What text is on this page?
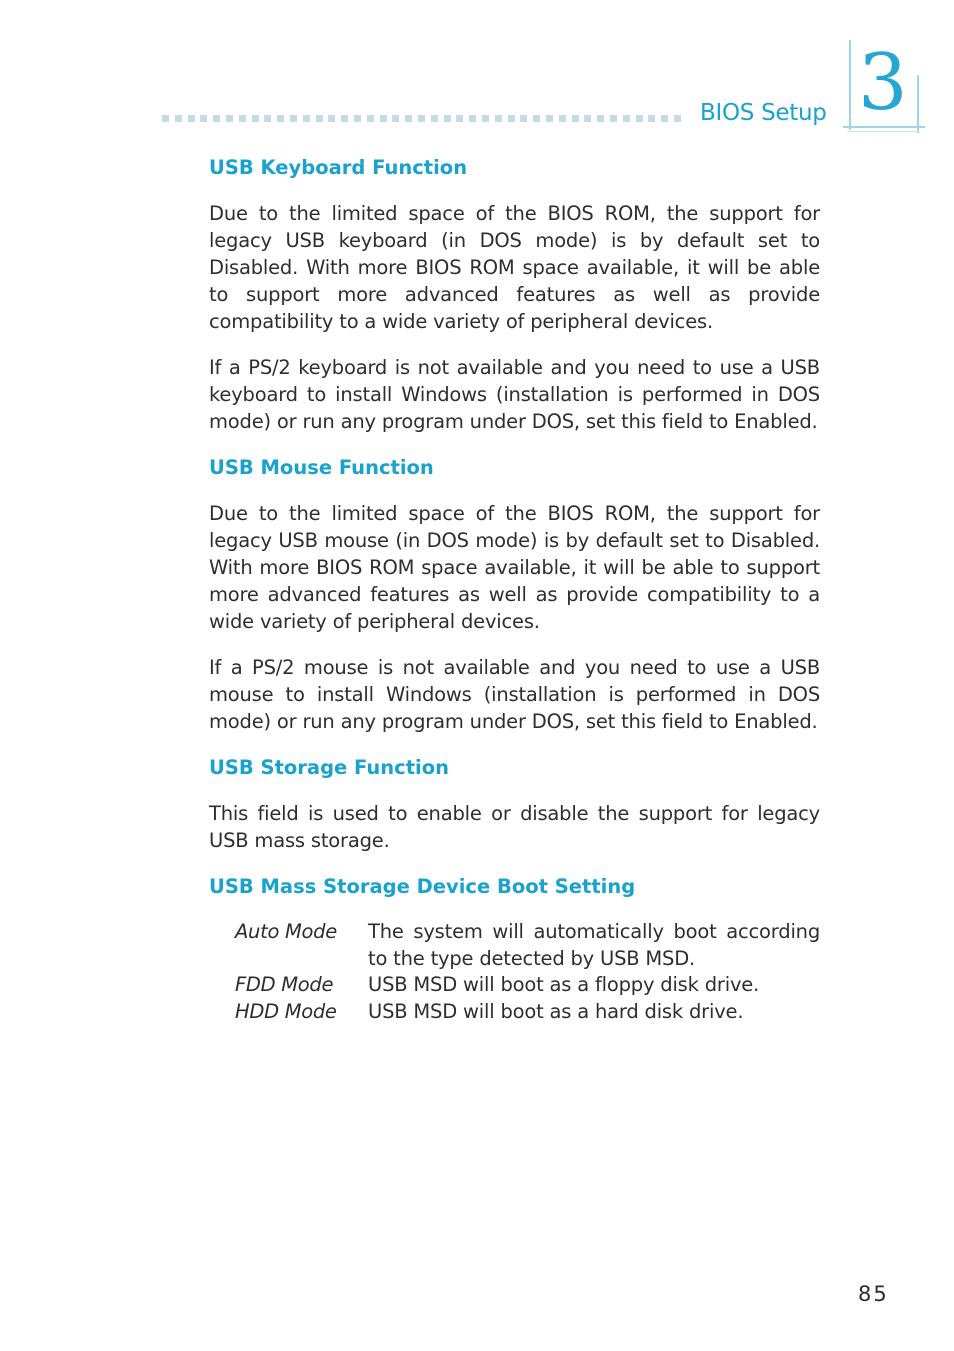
BIOS Setup 3
USB Keyboard Function

Due to the limited space of the BIOS ROM, the support for legacy USB keyboard (in DOS mode) is by default set to Disabled. With more BIOS ROM space available, it will be able to support more advanced features as well as provide compatibility to a wide variety of peripheral devices.

If a PS/2 keyboard is not available and you need to use a USB keyboard to install Windows (installation is performed in DOS mode) or run any program under DOS, set this field to Enabled.

USB Mouse Function

Due to the limited space of the BIOS ROM, the support for legacy USB mouse (in DOS mode) is by default set to Disabled. With more BIOS ROM space available, it will be able to support more advanced features as well as provide compatibility to a wide variety of peripheral devices.

If a PS/2 mouse is not available and you need to use a USB mouse to install Windows (installation is performed in DOS mode) or run any program under DOS, set this field to Enabled.

USB Storage Function

This field is used to enable or disable the support for legacy USB mass storage.

USB Mass Storage Device Boot Setting
Auto Mode	The system will automatically boot according to the type detected by USB MSD.
FDD Mode	USB MSD will boot as a floppy disk drive.
HDD Mode	USB MSD will boot as a hard disk drive.
85
